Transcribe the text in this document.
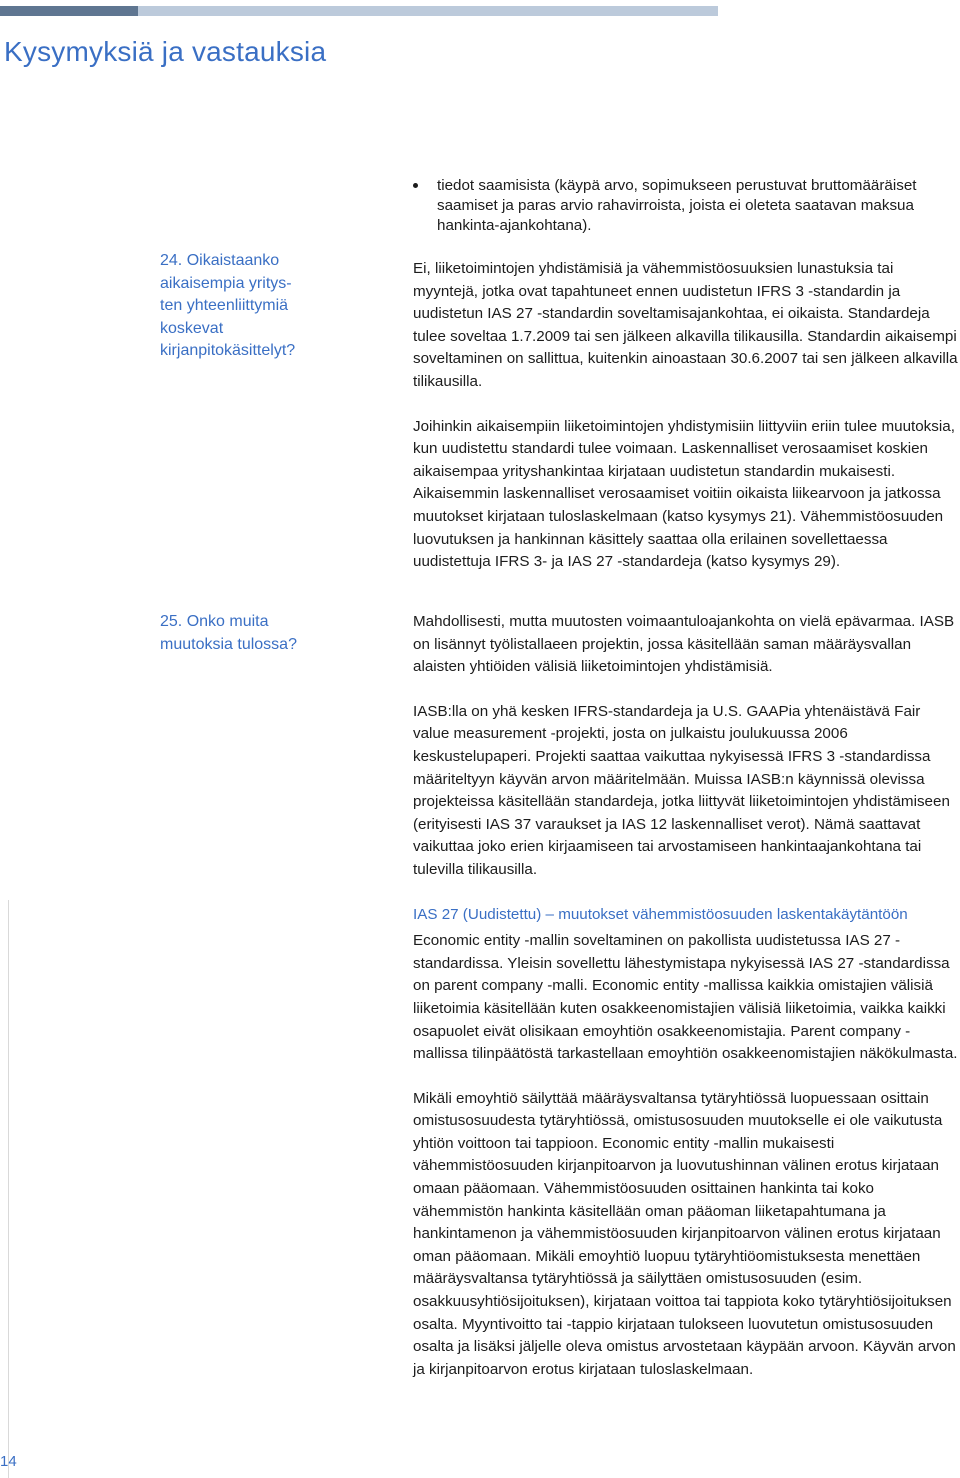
Kysymyksiä ja vastauksia

24. Oikaistaanko
aikaisempia yritys-
ten yhteenliittymiä
koskevat
kirjanpitokäsittelyt?

25. Onko muita
muutoksia tulossa?

tiedot saamisista (käypä arvo, sopimukseen perustuvat bruttomääräiset saamiset ja paras arvio rahavirroista, joista ei oleteta saatavan maksua hankinta-ajankohtana).

Ei, liiketoimintojen yhdistämisiä ja vähemmistöosuuksien lunastuksia tai myyntejä, jotka ovat tapahtuneet ennen uudistetun IFRS 3 -standardin ja uudistetun IAS 27 -standardin soveltamisajankohtaa, ei oikaista. Standardeja tulee soveltaa 1.7.2009 tai sen jälkeen alkavilla tilikausilla. Standardin aikaisempi soveltaminen on sallittua, kuitenkin ainoastaan 30.6.2007 tai sen jälkeen alkavilla tilikausilla.

Joihinkin aikaisempiin liiketoimintojen yhdistymisiin liittyviin eriin tulee muutoksia, kun uudistettu standardi tulee voimaan. Laskennalliset verosaamiset koskien aikaisempaa yrityshankintaa kirjataan uudistetun standardin mukaisesti. Aikaisemmin laskennalliset verosaamiset voitiin oikaista liikearvoon ja jatkossa muutokset kirjataan tuloslaskelmaan (katso kysymys 21). Vähemmistöosuuden luovutuksen ja hankinnan käsittely saattaa olla erilainen sovellettaessa uudistettuja IFRS 3- ja IAS 27 -standardeja (katso kysymys 29).

Mahdollisesti, mutta muutosten voimaantuloajankohta on vielä epävarmaa. IASB on lisännyt työlistallaeen projektin, jossa käsitellään saman määräysvallan alaisten yhtiöiden välisiä liiketoimintojen yhdistämisiä.

IASB:lla on yhä kesken IFRS-standardeja ja U.S. GAAPia yhtenäistävä Fair value measurement -projekti, josta on julkaistu joulukuussa 2006 keskustelupaperi. Projekti saattaa vaikuttaa nykyisessä IFRS 3 -standardissa määriteltyyn käyvän arvon määritelmään. Muissa IASB:n käynnissä olevissa projekteissa käsitellään standardeja, jotka liittyvät liiketoimintojen yhdistämiseen (erityisesti IAS 37 varaukset ja IAS 12 laskennalliset verot). Nämä saattavat vaikuttaa joko erien kirjaamiseen tai arvostamiseen hankintaajankohtana tai tulevilla tilikausilla.

IAS 27 (Uudistettu) – muutokset vähemmistöosuuden laskentakäytäntöön

Economic entity -mallin soveltaminen on pakollista uudistetussa IAS 27 -standardissa. Yleisin sovellettu lähestymistapa nykyisessä IAS 27 -standardissa on parent company -malli. Economic entity -mallissa kaikkia omistajien välisiä liiketoimia käsitellään kuten osakkeenomistajien välisiä liiketoimia, vaikka kaikki osapuolet eivät olisikaan emoyhtiön osakkeenomistajia. Parent company -mallissa tilinpäätöstä tarkastellaan emoyhtiön osakkeenomistajien näkökulmasta.

Mikäli emoyhtiö säilyttää määräysvaltansa tytäryhtiössä luopuessaan osittain omistusosuudesta tytäryhtiössä, omistusosuuden muutokselle ei ole vaikutusta yhtiön voittoon tai tappioon. Economic entity -mallin mukaisesti vähemmistöosuuden kirjanpitoarvon ja luovutushinnan välinen erotus kirjataan omaan pääomaan. Vähemmistöosuuden osittainen hankinta tai koko vähemmistön hankinta käsitellään oman pääoman liiketapahtumana ja hankintamenon ja vähemmistöosuuden kirjanpitoarvon välinen erotus kirjataan oman pääomaan. Mikäli emoyhtiö luopuu tytäryhtiöomistuksesta menettäen määräysvaltansa tytäryhtiössä ja säilyttäen omistusosuuden (esim. osakkuusyhtiösijoituksen), kirjataan voittoa tai tappiota koko tytäryhtiösijoituksen osalta. Myyntivoitto tai -tappio kirjataan tulokseen luovutetun omistusosuuden osalta ja lisäksi jäljelle oleva omistus arvostetaan käypään arvoon. Käyvän arvon ja kirjanpitoarvon erotus kirjataan tuloslaskelmaan.

14
